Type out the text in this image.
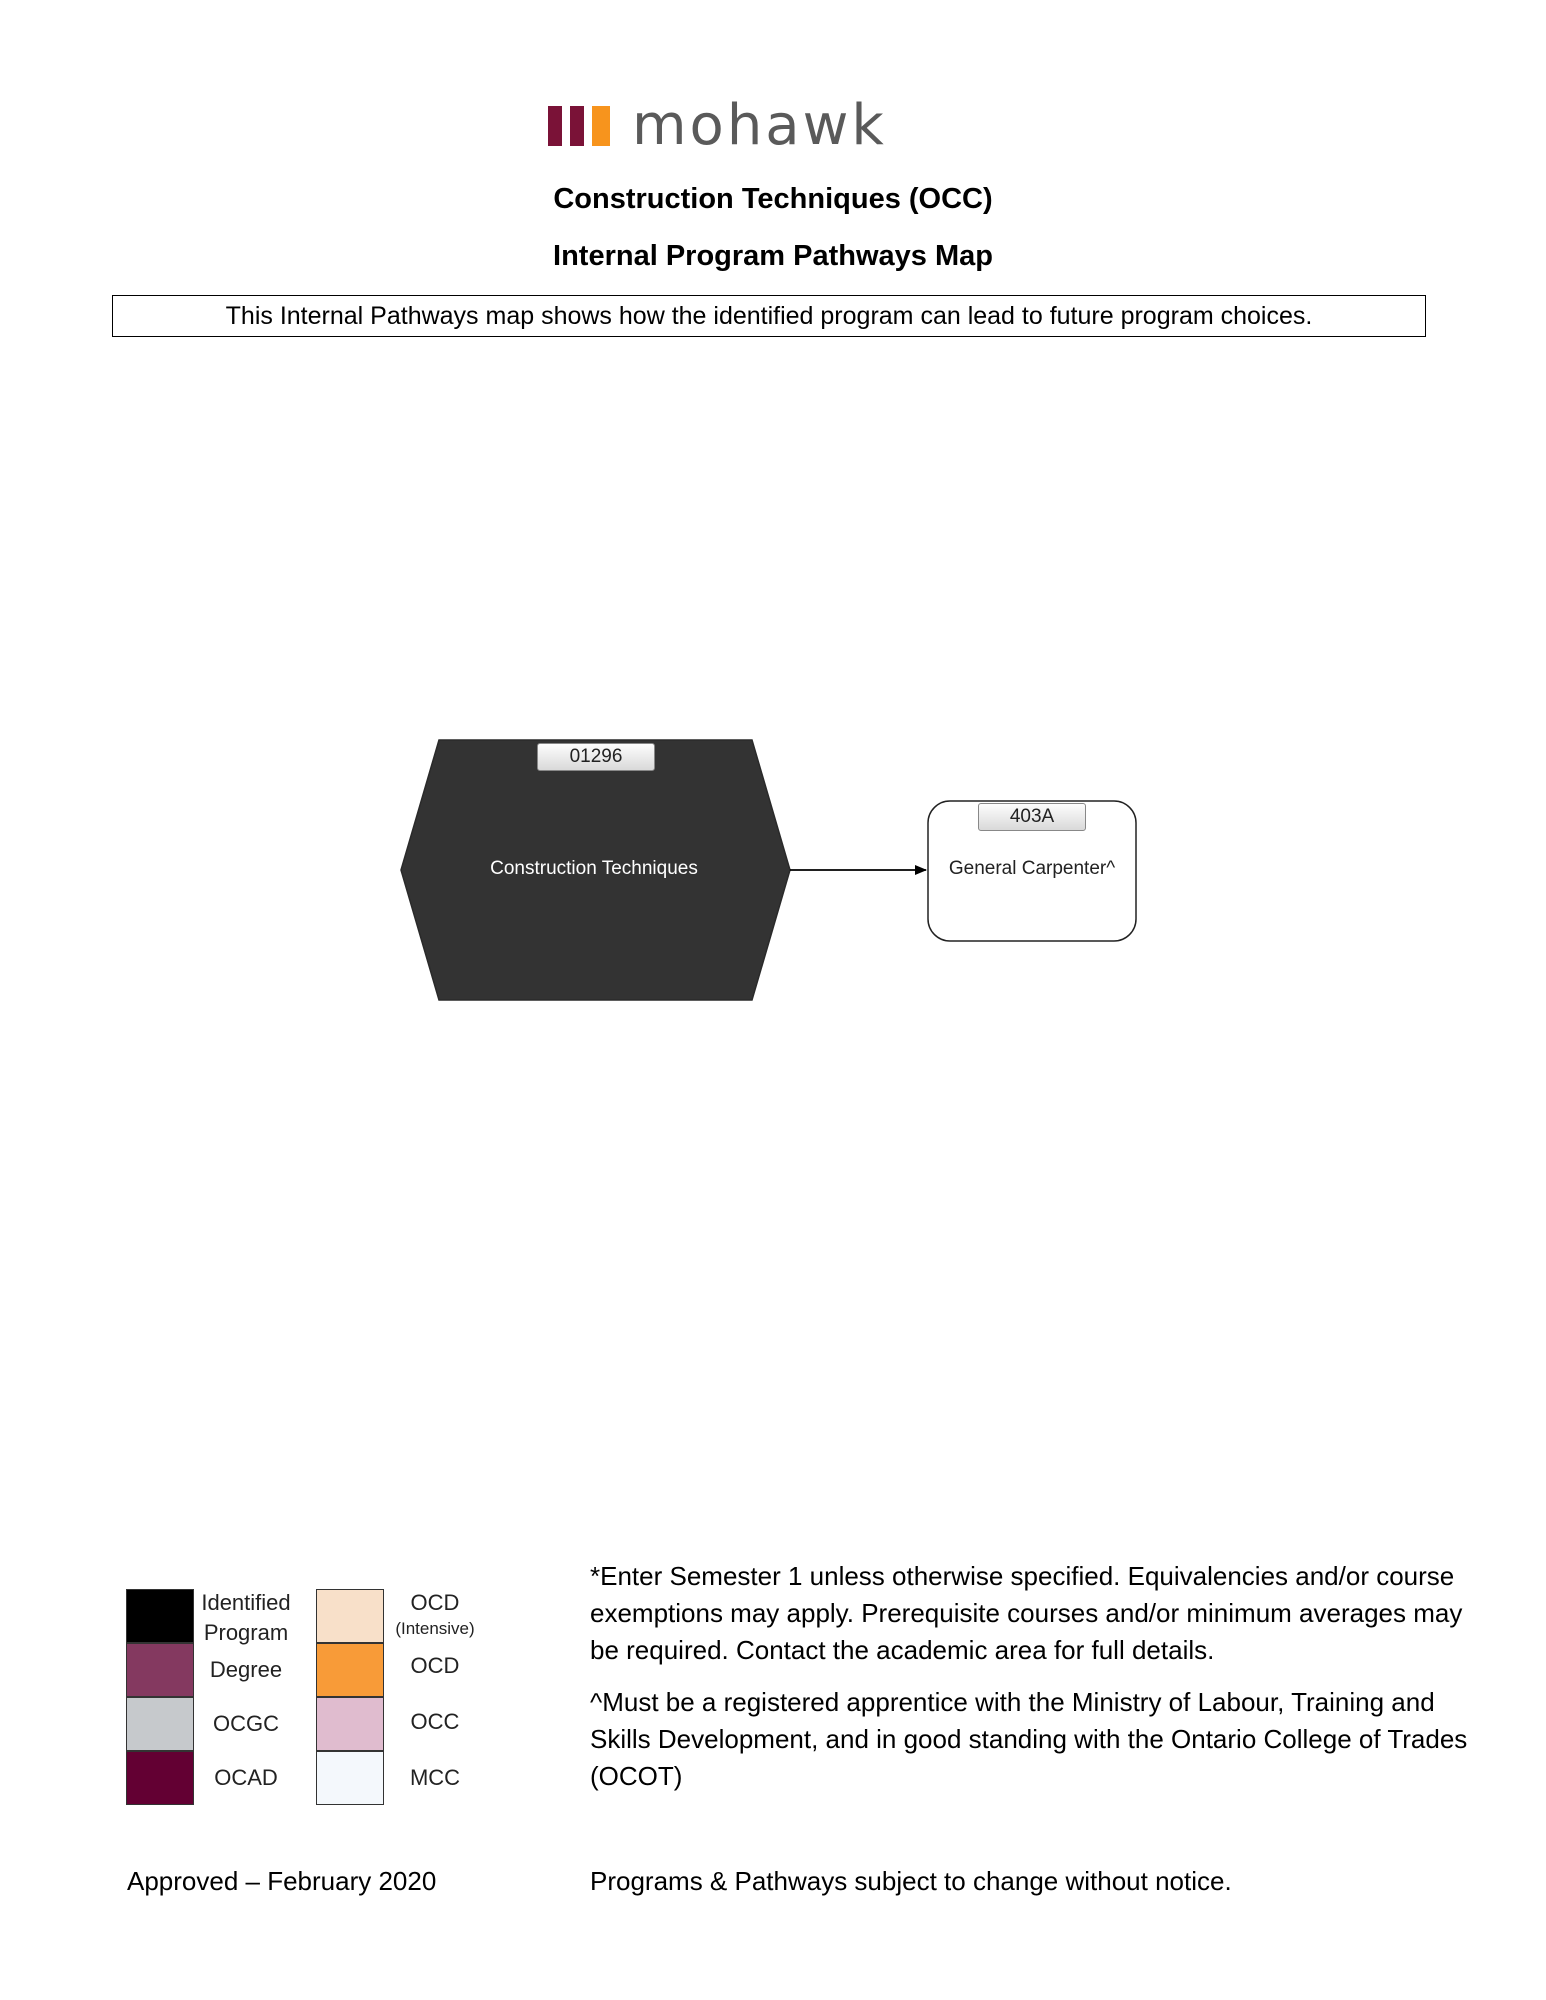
mohawk
Construction Techniques (OCC)
Internal Program Pathways Map
This Internal Pathways map shows how the identified program can lead to future program choices.
01296
Construction Techniques
403A
General Carpenter^
Identified
Program
Degree
OCGC
OCAD
OCD
(Intensive)
OCD
OCC
MCC
*Enter Semester 1 unless otherwise specified. Equivalencies and/or course exemptions may apply. Prerequisite courses and/or minimum averages may be required. Contact the academic area for full details.
^Must be a registered apprentice with the Ministry of Labour, Training and Skills Development, and in good standing with the Ontario College of Trades (OCOT)
Approved – February 2020	Programs & Pathways subject to change without notice.
